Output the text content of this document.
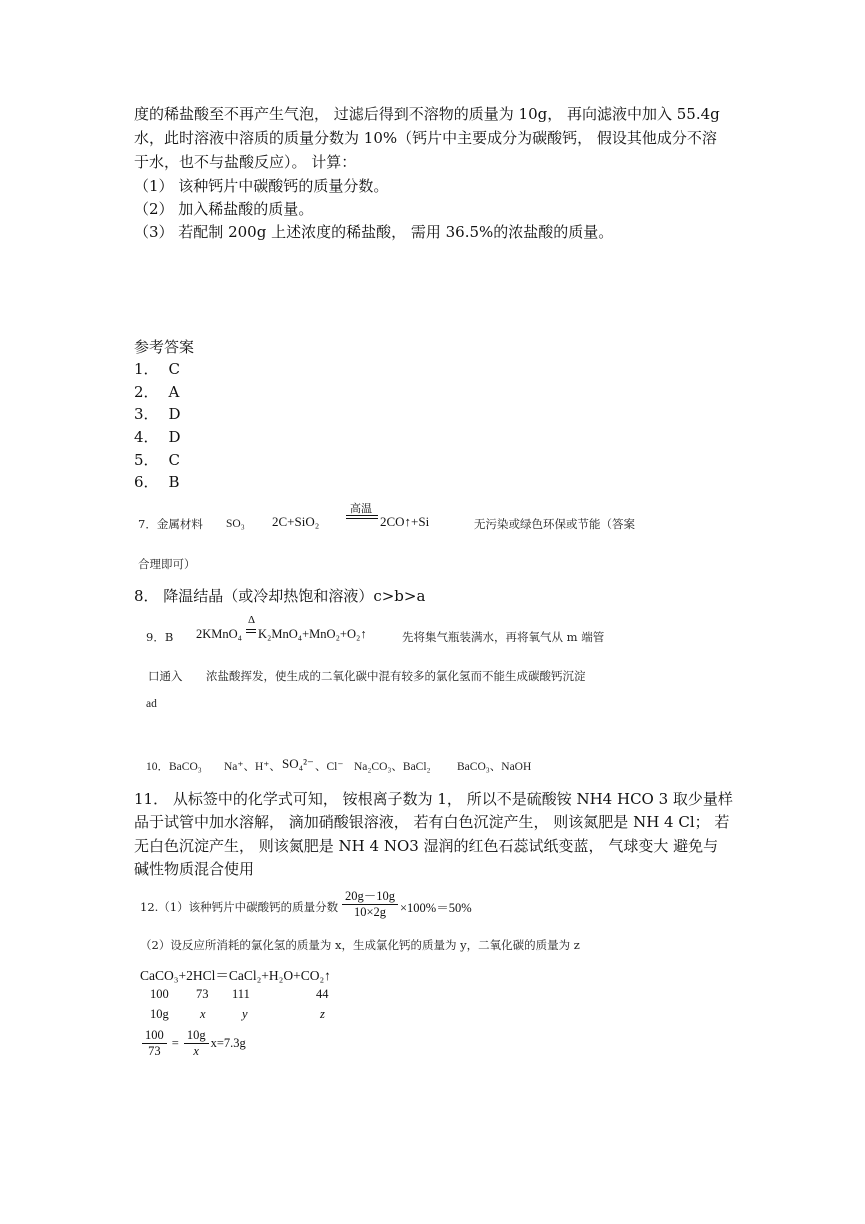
度的稀盐酸至不再产生气泡， 过滤后得到不溶物的质量为 10g， 再向滤液中加入 55.4g
水，此时溶液中溶质的质量分数为 10%（钙片中主要成分为碳酸钙， 假设其他成分不溶
于水，也不与盐酸反应）。 计算：
（1） 该种钙片中碳酸钙的质量分数。
（2） 加入稀盐酸的质量。
（3） 若配制 200g 上述浓度的稀盐酸， 需用 36.5%的浓盐酸的质量。
参考答案
1． C
2． A
3． D
4． D
5． C
6． B
7．金属材料 SO₃ 2C+SiO₂
高温
2CO↑+Si	无污染或绿色环保或节能（答案
合理即可）
8． 降温结晶（或冷却热饱和溶液）c>b>a
9．B 2KMnO₄
Δ
K₂MnO₄+MnO₂+O₂↑	先将集气瓶装满水，再将氧气从 m 端管
口通入 浓盐酸挥发，使生成的二氧化碳中混有较多的氯化氢而不能生成碳酸钙沉淀
ad
10．BaCO₃ Na⁺、H⁺、 SO₄²⁻ 、Cl⁻ Na₂CO₃、BaCl₂ BaCO₃、NaOH
11． 从标签中的化学式可知， 铵根离子数为 1， 所以不是硫酸铵 NH4 HCO 3 取少量样
品于试管中加水溶解， 滴加硝酸银溶液， 若有白色沉淀产生， 则该氮肥是 NH 4 Cl； 若
无白色沉淀产生， 则该氮肥是 NH 4 NO3 湿润的红色石蕊试纸变蓝， 气球变大 避免与
碱性物质混合使用
12.（1）该种钙片中碳酸钙的质量分数 $\frac{20g-10g}{10\times 2g} \times 100\%=50\%$
（2）设反应所消耗的氯化氢的质量为 x，生成氯化钙的质量为 y，二氧化碳的质量为 z
CaCO₃+2HCl＝CaCl₂+H₂O+CO₂↑
100 73 111	44
10g	x	y	z
$\frac{100}{73} = \frac{10g}{x} x=7.3g$
